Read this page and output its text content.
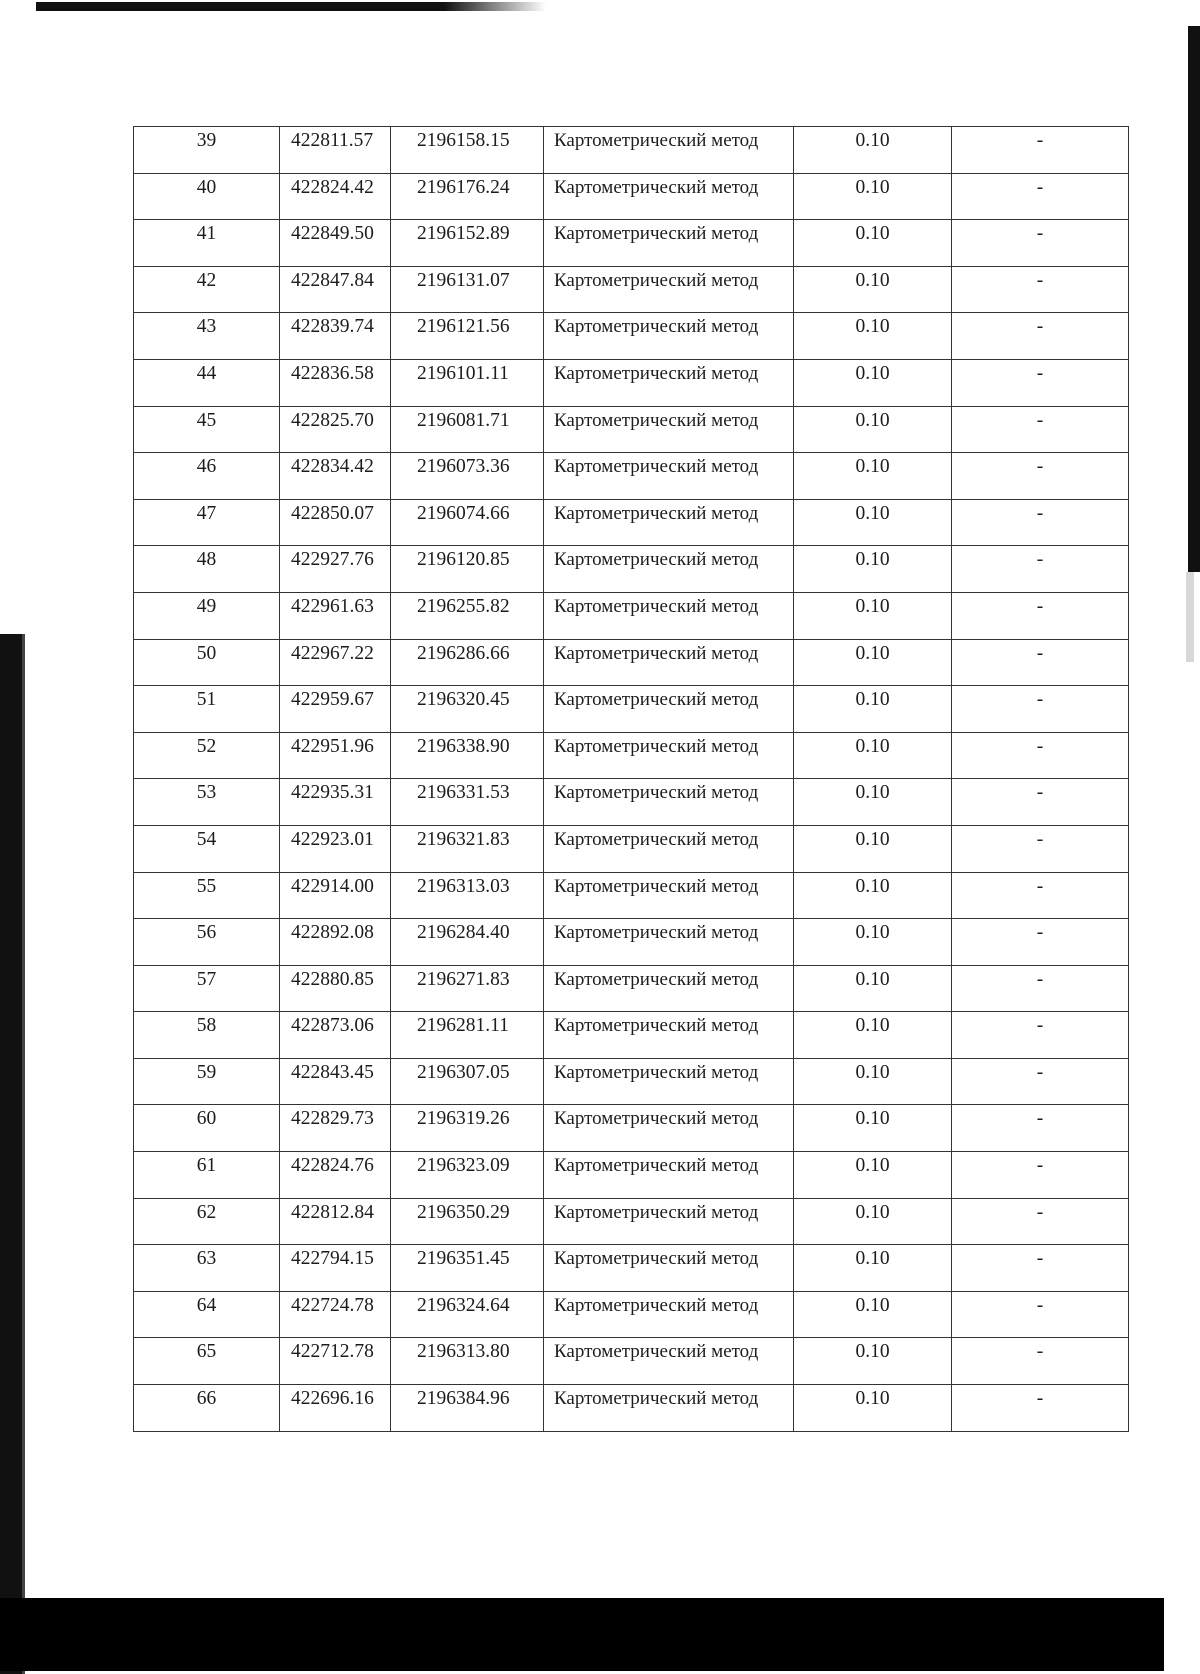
39	422811.57	2196158.15	Картометрический метод	0.10	-

40	422824.42	2196176.24	Картометрический метод	0.10	-

41	422849.50	2196152.89	Картометрический метод	0.10	-

42	422847.84	2196131.07	Картометрический метод	0.10	-

43	422839.74	2196121.56	Картометрический метод	0.10	-

44	422836.58	2196101.11	Картометрический метод	0.10	-

45	422825.70	2196081.71	Картометрический метод	0.10	-

46	422834.42	2196073.36	Картометрический метод	0.10	-

47	422850.07	2196074.66	Картометрический метод	0.10	-

48	422927.76	2196120.85	Картометрический метод	0.10	-

49	422961.63	2196255.82	Картометрический метод	0.10	-

50	422967.22	2196286.66	Картометрический метод	0.10	-

51	422959.67	2196320.45	Картометрический метод	0.10	-

52	422951.96	2196338.90	Картометрический метод	0.10	-

53	422935.31	2196331.53	Картометрический метод	0.10	-

54	422923.01	2196321.83	Картометрический метод	0.10	-

55	422914.00	2196313.03	Картометрический метод	0.10	-

56	422892.08	2196284.40	Картометрический метод	0.10	-

57	422880.85	2196271.83	Картометрический метод	0.10	-

58	422873.06	2196281.11	Картометрический метод	0.10	-

59	422843.45	2196307.05	Картометрический метод	0.10	-

60	422829.73	2196319.26	Картометрический метод	0.10	-

61	422824.76	2196323.09	Картометрический метод	0.10	-

62	422812.84	2196350.29	Картометрический метод	0.10	-

63	422794.15	2196351.45	Картометрический метод	0.10	-

64	422724.78	2196324.64	Картометрический метод	0.10	-

65	422712.78	2196313.80	Картометрический метод	0.10	-

66	422696.16	2196384.96	Картометрический метод	0.10	-
